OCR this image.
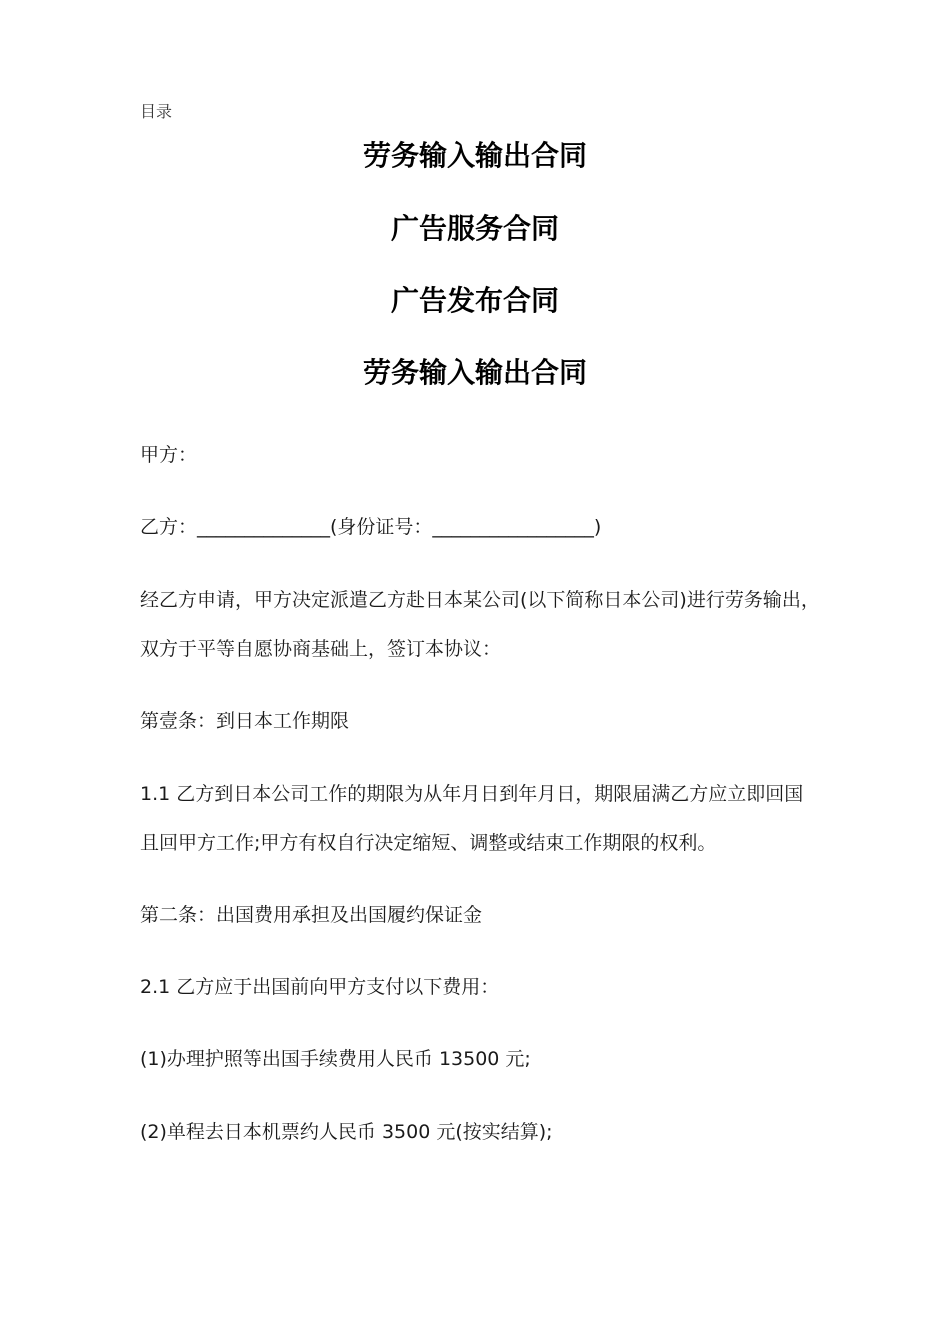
目录
劳务输入输出合同
广告服务合同
广告发布合同
劳务输入输出合同
甲方：
乙方：______________(身份证号：_________________)
经乙方申请，甲方决定派遣乙方赴日本某公司(以下简称日本公司)进行劳务输出，
双方于平等自愿协商基础上，签订本协议：
第壹条：到日本工作期限
1.1 乙方到日本公司工作的期限为从年月日到年月日，期限届满乙方应立即回国
且回甲方工作;甲方有权自行决定缩短、调整或结束工作期限的权利。
第二条：出国费用承担及出国履约保证金
2.1 乙方应于出国前向甲方支付以下费用：
(1)办理护照等出国手续费用人民币 13500 元;
(2)单程去日本机票约人民币 3500 元(按实结算);
